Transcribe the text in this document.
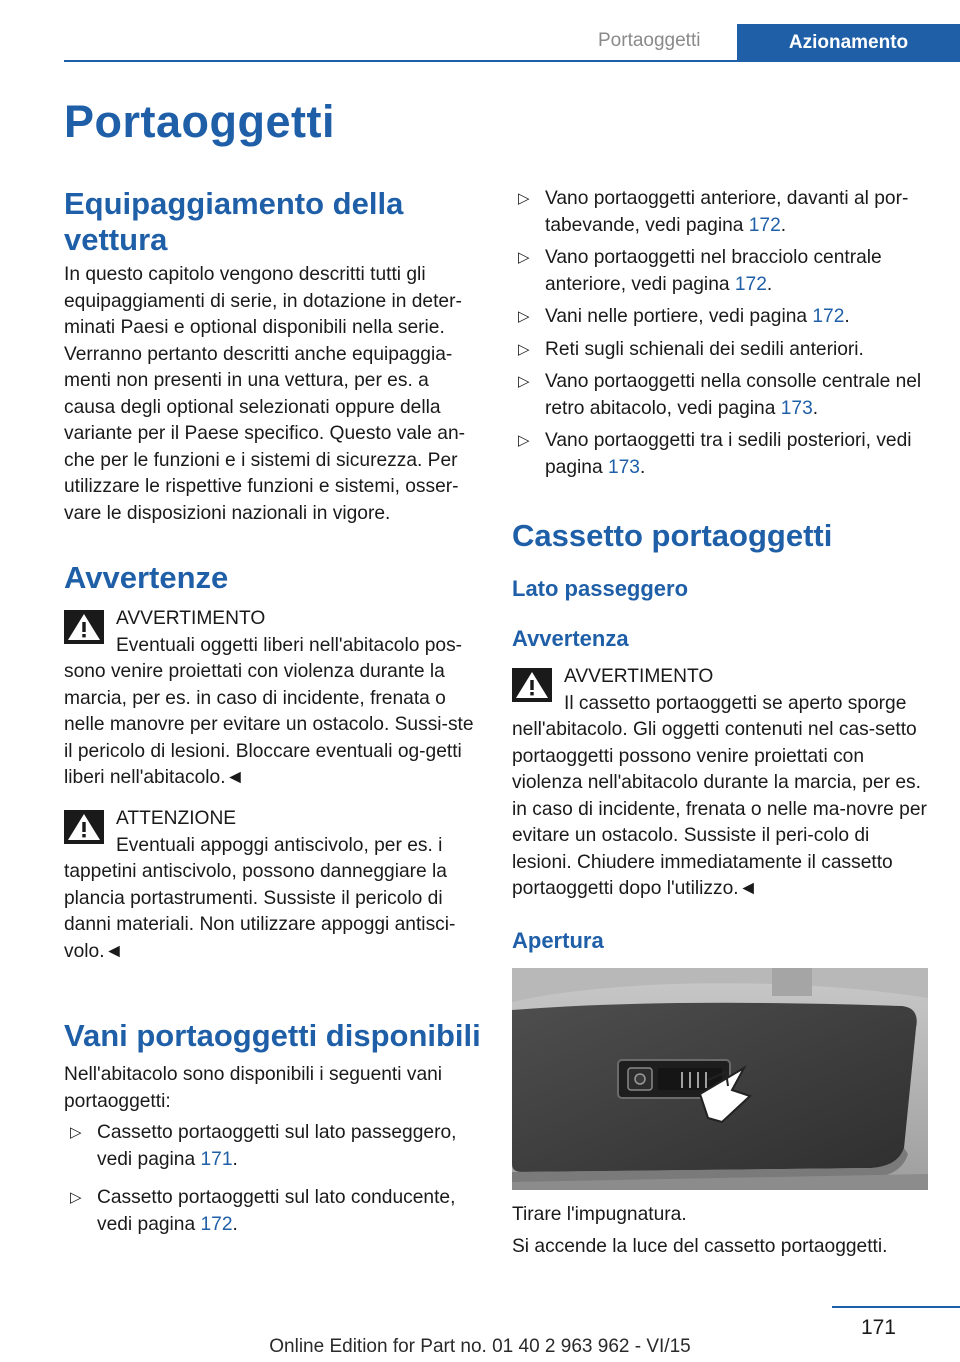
Portaoggetti	Azionamento
Portaoggetti
Equipaggiamento della vettura

In questo capitolo vengono descritti tutti gli equipaggiamenti di serie, in dotazione in deter-minati Paesi e optional disponibili nella serie. Verranno pertanto descritti anche equipaggia-menti non presenti in una vettura, per es. a causa degli optional selezionati oppure della variante per il Paese specifico. Questo vale an-che per le funzioni e i sistemi di sicurezza. Per utilizzare le rispettive funzioni e sistemi, osser-vare le disposizioni nazionali in vigore.

Avvertenze
AVVERTIMENTO
Eventuali oggetti liberi nell'abitacolo pos-sono venire proiettati con violenza durante la marcia, per es. in caso di incidente, frenata o nelle manovre per evitare un ostacolo. Sussi-ste il pericolo di lesioni. Bloccare eventuali og-getti liberi nell'abitacolo.◄
ATTENZIONE
Eventuali appoggi antiscivolo, per es. i tappetini antiscivolo, possono danneggiare la plancia portastrumenti. Sussiste il pericolo di danni materiali. Non utilizzare appoggi antisci-volo.◄
Vani portaoggetti disponibili

Nell'abitacolo sono disponibili i seguenti vani portaoggetti:

▷ Cassetto portaoggetti sul lato passeggero, vedi pagina 171.
▷ Cassetto portaoggetti sul lato conducente, vedi pagina 172.
▷ Vano portaoggetti anteriore, davanti al por-tabevande, vedi pagina 172.
▷ Vano portaoggetti nel bracciolo centrale anteriore, vedi pagina 172.
▷ Vani nelle portiere, vedi pagina 172.
▷ Reti sugli schienali dei sedili anteriori.
▷ Vano portaoggetti nella consolle centrale nel retro abitacolo, vedi pagina 173.
▷ Vano portaoggetti tra i sedili posteriori, vedi pagina 173.
Cassetto portaoggetti
Lato passeggero
Avvertenza
AVVERTIMENTO
Il cassetto portaoggetti se aperto sporge nell'abitacolo. Gli oggetti contenuti nel cas-setto portaoggetti possono venire proiettati con violenza nell'abitacolo durante la marcia, per es. in caso di incidente, frenata o nelle ma-novre per evitare un ostacolo. Sussiste il peri-colo di lesioni. Chiudere immediatamente il cassetto portaoggetti dopo l'utilizzo.◄
Apertura

Tirare l'impugnatura.

Si accende la luce del cassetto portaoggetti.

171
Online Edition for Part no. 01 40 2 963 962 - VI/15
